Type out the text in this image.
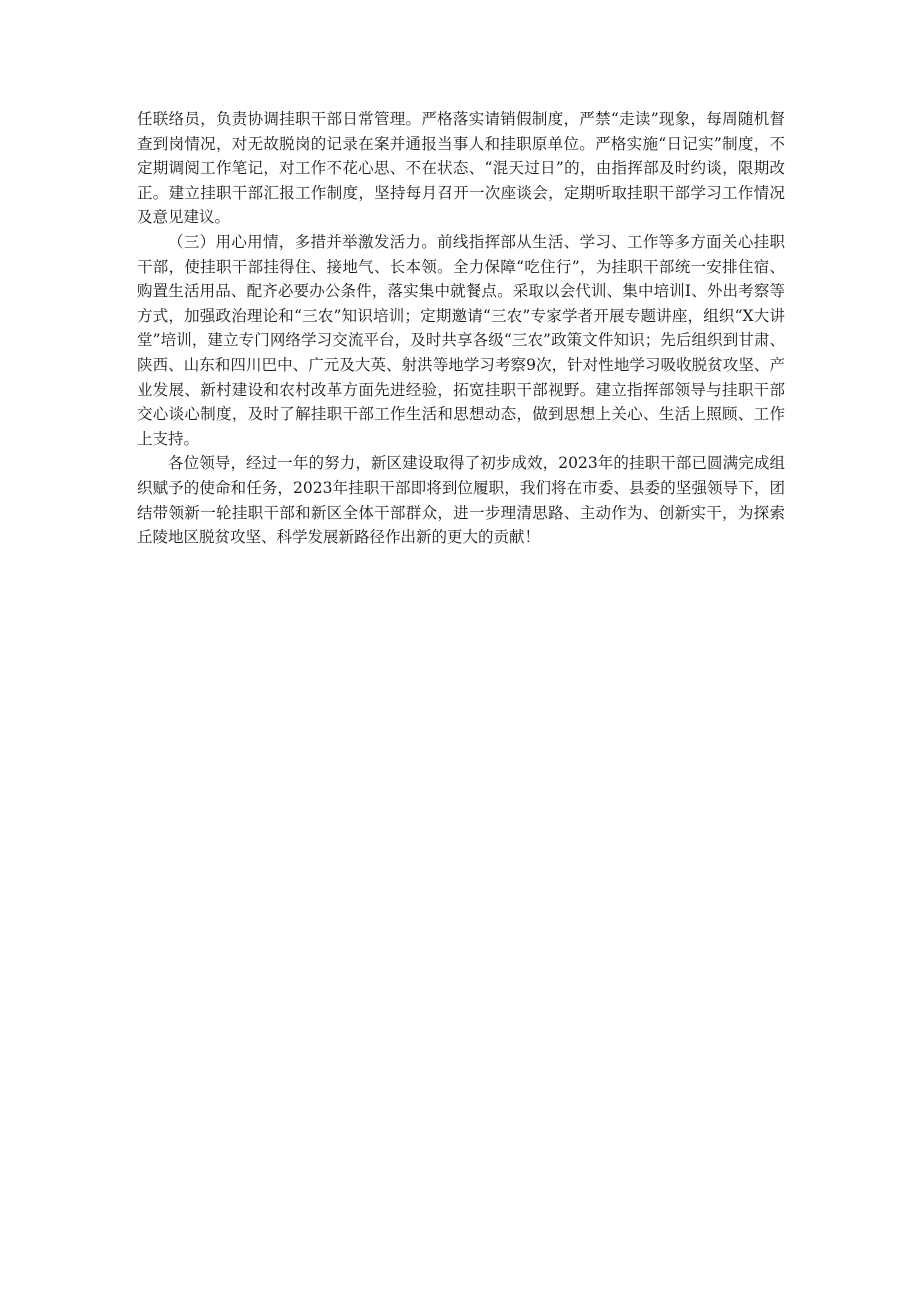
任联络员，负责协调挂职干部日常管理。严格落实请销假制度，严禁“走读”现象，每周随机督查到岗情况，对无故脱岗的记录在案并通报当事人和挂职原单位。严格实施“日记实”制度，不定期调阅工作笔记，对工作不花心思、不在状态、“混天过日”的，由指挥部及时约谈，限期改正。建立挂职干部汇报工作制度，坚持每月召开一次座谈会，定期听取挂职干部学习工作情况及意见建议。

（三）用心用情，多措并举激发活力。前线指挥部从生活、学习、工作等多方面关心挂职干部，使挂职干部挂得住、接地气、长本领。全力保障“吃住行”，为挂职干部统一安排住宿、购置生活用品、配齐必要办公条件，落实集中就餐点。采取以会代训、集中培训I、外出考察等方式，加强政治理论和“三农”知识培训；定期邀请“三农”专家学者开展专题讲座，组织“X大讲堂”培训，建立专门网络学习交流平台，及时共享各级“三农”政策文件知识；先后组织到甘肃、陕西、山东和四川巴中、广元及大英、射洪等地学习考察9次，针对性地学习吸收脱贫攻坚、产业发展、新村建设和农村改革方面先进经验，拓宽挂职干部视野。建立指挥部领导与挂职干部交心谈心制度，及时了解挂职干部工作生活和思想动态，做到思想上关心、生活上照顾、工作上支持。

各位领导，经过一年的努力，新区建设取得了初步成效，2023年的挂职干部已圆满完成组织赋予的使命和任务，2023年挂职干部即将到位履职，我们将在市委、县委的坚强领导下，团结带领新一轮挂职干部和新区全体干部群众，进一步理清思路、主动作为、创新实干，为探索丘陵地区脱贫攻坚、科学发展新路径作出新的更大的贡献！
